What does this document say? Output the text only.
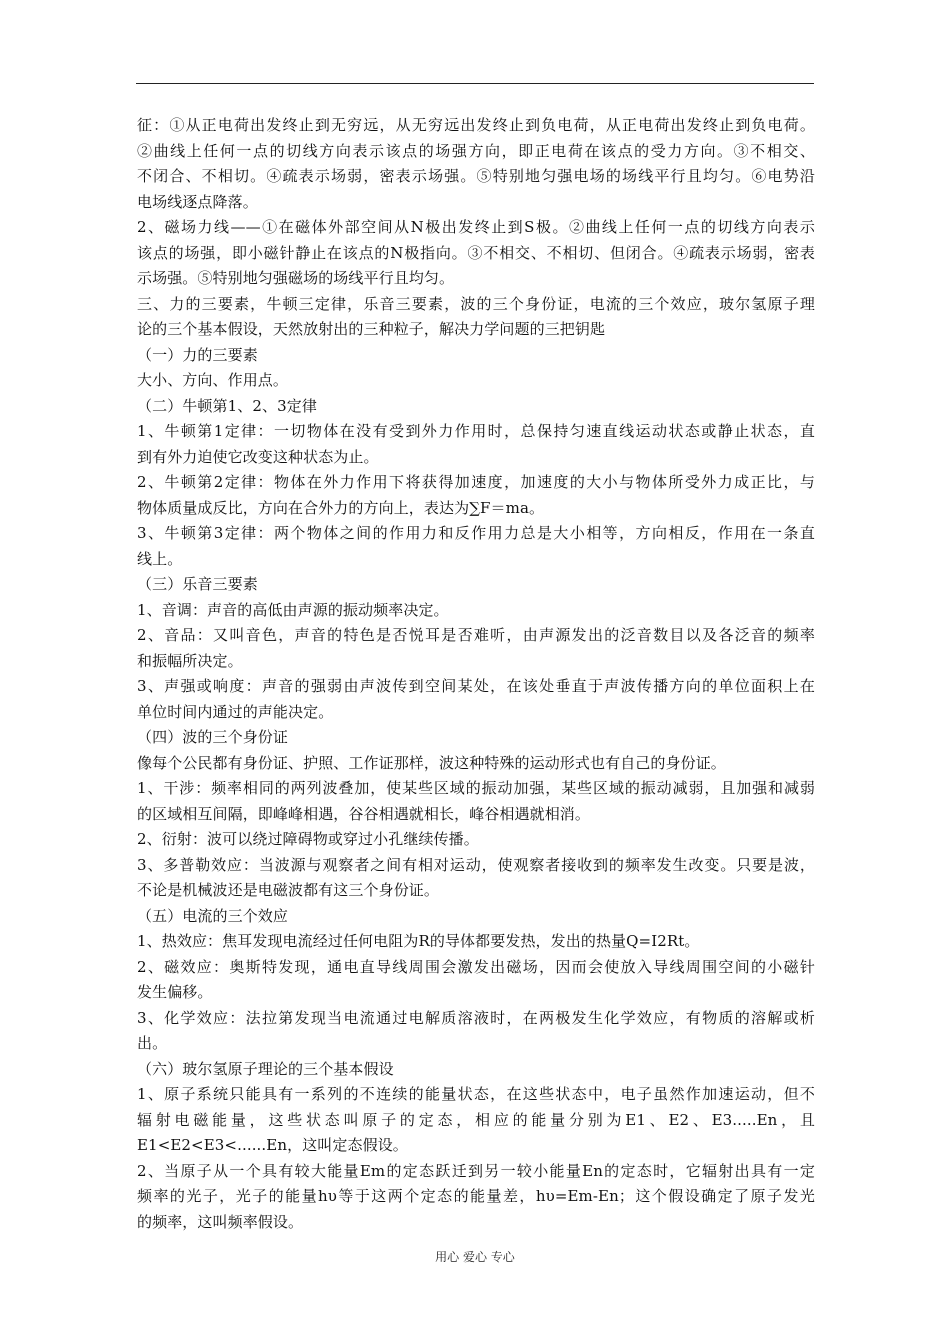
征：①从正电荷出发终止到无穷远，从无穷远出发终止到负电荷，从正电荷出发终止到负电荷。
②曲线上任何一点的切线方向表示该点的场强方向，即正电荷在该点的受力方向。③不相交、
不闭合、不相切。④疏表示场弱，密表示场强。⑤特别地匀强电场的场线平行且均匀。⑥电势沿
电场线逐点降落。
2、磁场力线——①在磁体外部空间从N极出发终止到S极。②曲线上任何一点的切线方向表示
该点的场强，即小磁针静止在该点的N极指向。③不相交、不相切、但闭合。④疏表示场弱，密表
示场强。⑤特别地匀强磁场的场线平行且均匀。
三、力的三要素，牛顿三定律，乐音三要素，波的三个身份证，电流的三个效应，玻尔氢原子理
论的三个基本假设，天然放射出的三种粒子，解决力学问题的三把钥匙
（一）力的三要素
大小、方向、作用点。
（二）牛顿第1、2、3定律
1、牛顿第1定律：一切物体在没有受到外力作用时，总保持匀速直线运动状态或静止状态，直
到有外力迫使它改变这种状态为止。
2、牛顿第2定律：物体在外力作用下将获得加速度，加速度的大小与物体所受外力成正比，与
物体质量成反比，方向在合外力的方向上，表达为∑F＝ma。
3、牛顿第3定律：两个物体之间的作用力和反作用力总是大小相等，方向相反，作用在一条直
线上。
（三）乐音三要素
1、音调：声音的高低由声源的振动频率决定。
2、音品：又叫音色，声音的特色是否悦耳是否难听，由声源发出的泛音数目以及各泛音的频率
和振幅所决定。
3、声强或响度：声音的强弱由声波传到空间某处，在该处垂直于声波传播方向的单位面积上在
单位时间内通过的声能决定。
（四）波的三个身份证
像每个公民都有身份证、护照、工作证那样，波这种特殊的运动形式也有自己的身份证。
1、干涉：频率相同的两列波叠加，使某些区域的振动加强，某些区域的振动减弱，且加强和减弱
的区域相互间隔，即峰峰相遇，谷谷相遇就相长，峰谷相遇就相消。
2、衍射：波可以绕过障碍物或穿过小孔继续传播。
3、多普勒效应：当波源与观察者之间有相对运动，使观察者接收到的频率发生改变。只要是波，
不论是机械波还是电磁波都有这三个身份证。
（五）电流的三个效应
1、热效应：焦耳发现电流经过任何电阻为R的导体都要发热，发出的热量Q=I2Rt。
2、磁效应：奥斯特发现，通电直导线周围会激发出磁场，因而会使放入导线周围空间的小磁针
发生偏移。
3、化学效应：法拉第发现当电流通过电解质溶液时，在两极发生化学效应，有物质的溶解或析
出。
（六）玻尔氢原子理论的三个基本假设
1、原子系统只能具有一系列的不连续的能量状态，在这些状态中，电子虽然作加速运动，但不
辐射电磁能量，这些状态叫原子的定态，相应的能量分别为E1、E2、E3.....En，且
E1<E2<E3<......En，这叫定态假设。
2、当原子从一个具有较大能量Em的定态跃迁到另一较小能量En的定态时，它辐射出具有一定
频率的光子，光子的能量hυ等于这两个定态的能量差，hυ=Em-En；这个假设确定了原子发光
的频率，这叫频率假设。
用心 爱心 专心
